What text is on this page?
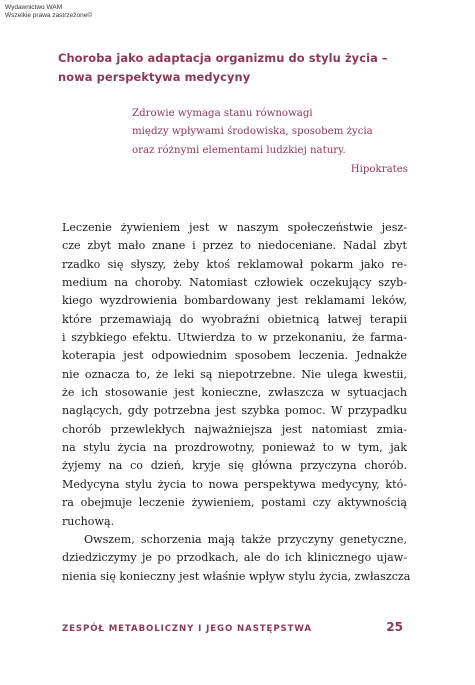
Wydawnictwo WAM
Wszelkie prawa zastrzeżone©
Choroba jako adaptacja organizmu do stylu życia –
nowa perspektywa medycyny
Zdrowie wymaga stanu równowagi
między wpływami środowiska, sposobem życia
oraz różnymi elementami ludzkiej natury.
Hipokrates
Leczenie żywieniem jest w naszym społeczeństwie jesz-
cze zbyt mało znane i przez to niedoceniane. Nadal zbyt
rzadko się słyszy, żeby ktoś reklamował pokаrm jako re-
medium na choroby. Natomiast człowiek oczekujący szyb-
kiego wyzdrowienia bombardowany jest reklamami leków,
które przemawiają do wyobraźni obietnicą łatwej terapii
i szybkiego efektu. Utwierdza to w przekonaniu, że farma-
koterapia jest odpowiednim sposobem leczenia. Jednakże
nie oznacza to, że leki są niepotrzebne. Nie ulega kwestii,
że ich stosowanie jest konieczne, zwłaszcza w sytuacjach
naglących, gdy potrzebna jest szybka pomoc. W przypadku
chorób przewlekłych najważniejsza jest natomiast zmia-
na stylu życia na prozdrowotny, ponieważ to w tym, jak
żyjemy na co dzień, kryje się główna przyczyna chorób.
Medycyna stylu życia to nowa perspektywa medycyny, któ-
ra obejmuje leczenie żywieniem, postami czy aktywnością
ruchową.
Owszem, schorzenia mają także przyczyny genetyczne,
dziedziczymy je po przodkach, ale do ich klinicznego ujaw-
nienia się konieczny jest właśnie wpływ stylu życia, zwłaszcza
ZESPÓŁ METABOLICZNY I JEGO NASTĘPSTWA	25
